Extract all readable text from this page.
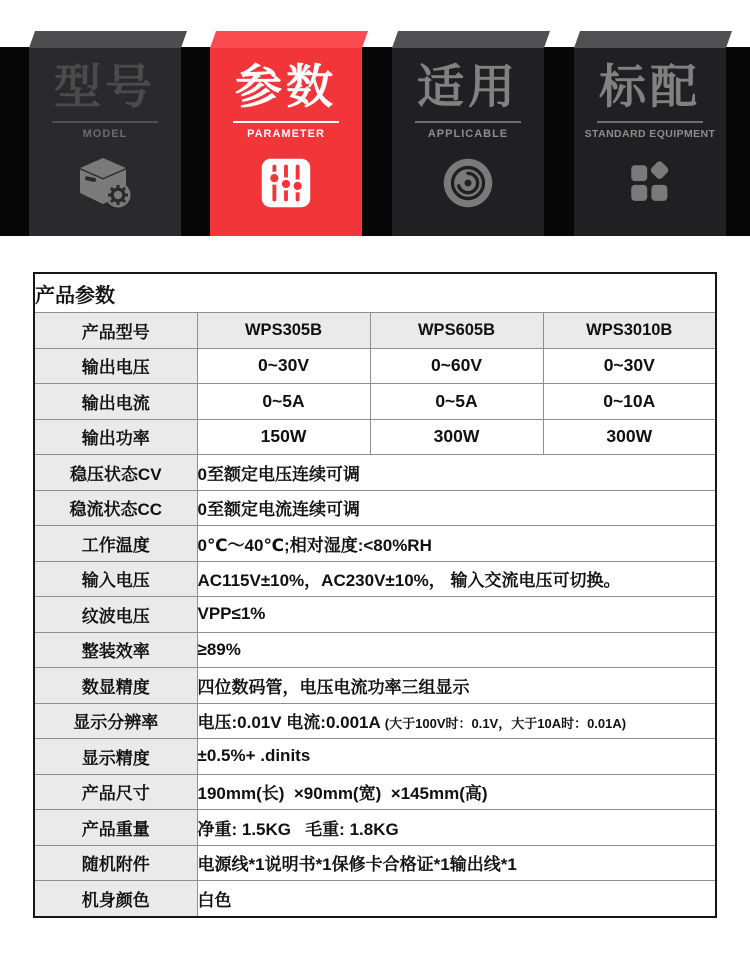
型号
MODEL
参数
PARAMETER
适用
APPLICABLE
标配
STANDARD EQUIPMENT
产品参数			
产品型号	WPS305B	WPS605B	WPS3010B
输出电压	0~30V	0~60V	0~30V
输出电流	0~5A	0~5A	0~10A
输出功率	150W	300W	300W
稳压状态CV	0至额定电压连续可调		
稳流状态CC	0至额定电流连续可调		
工作温度	0℃～40℃;相对湿度:<80%RH		
输入电压	AC115V±10%，AC230V±10%， 输入交流电压可切换。		
纹波电压	VPP≤1%		
整装效率	≥89%		
数显精度	四位数码管，电压电流功率三组显示		
显示分辨率	电压:0.01V 电流:0.001A (大于100V时：0.1V，大于10A时：0.01A)		
显示精度	±0.5%+ .dinits		
产品尺寸	190mm(长)  ×90mm(宽)  ×145mm(高)		
产品重量	净重: 1.5KG   毛重: 1.8KG		
随机附件	电源线*1说明书*1保修卡合格证*1输出线*1		
机身颜色	白色		
